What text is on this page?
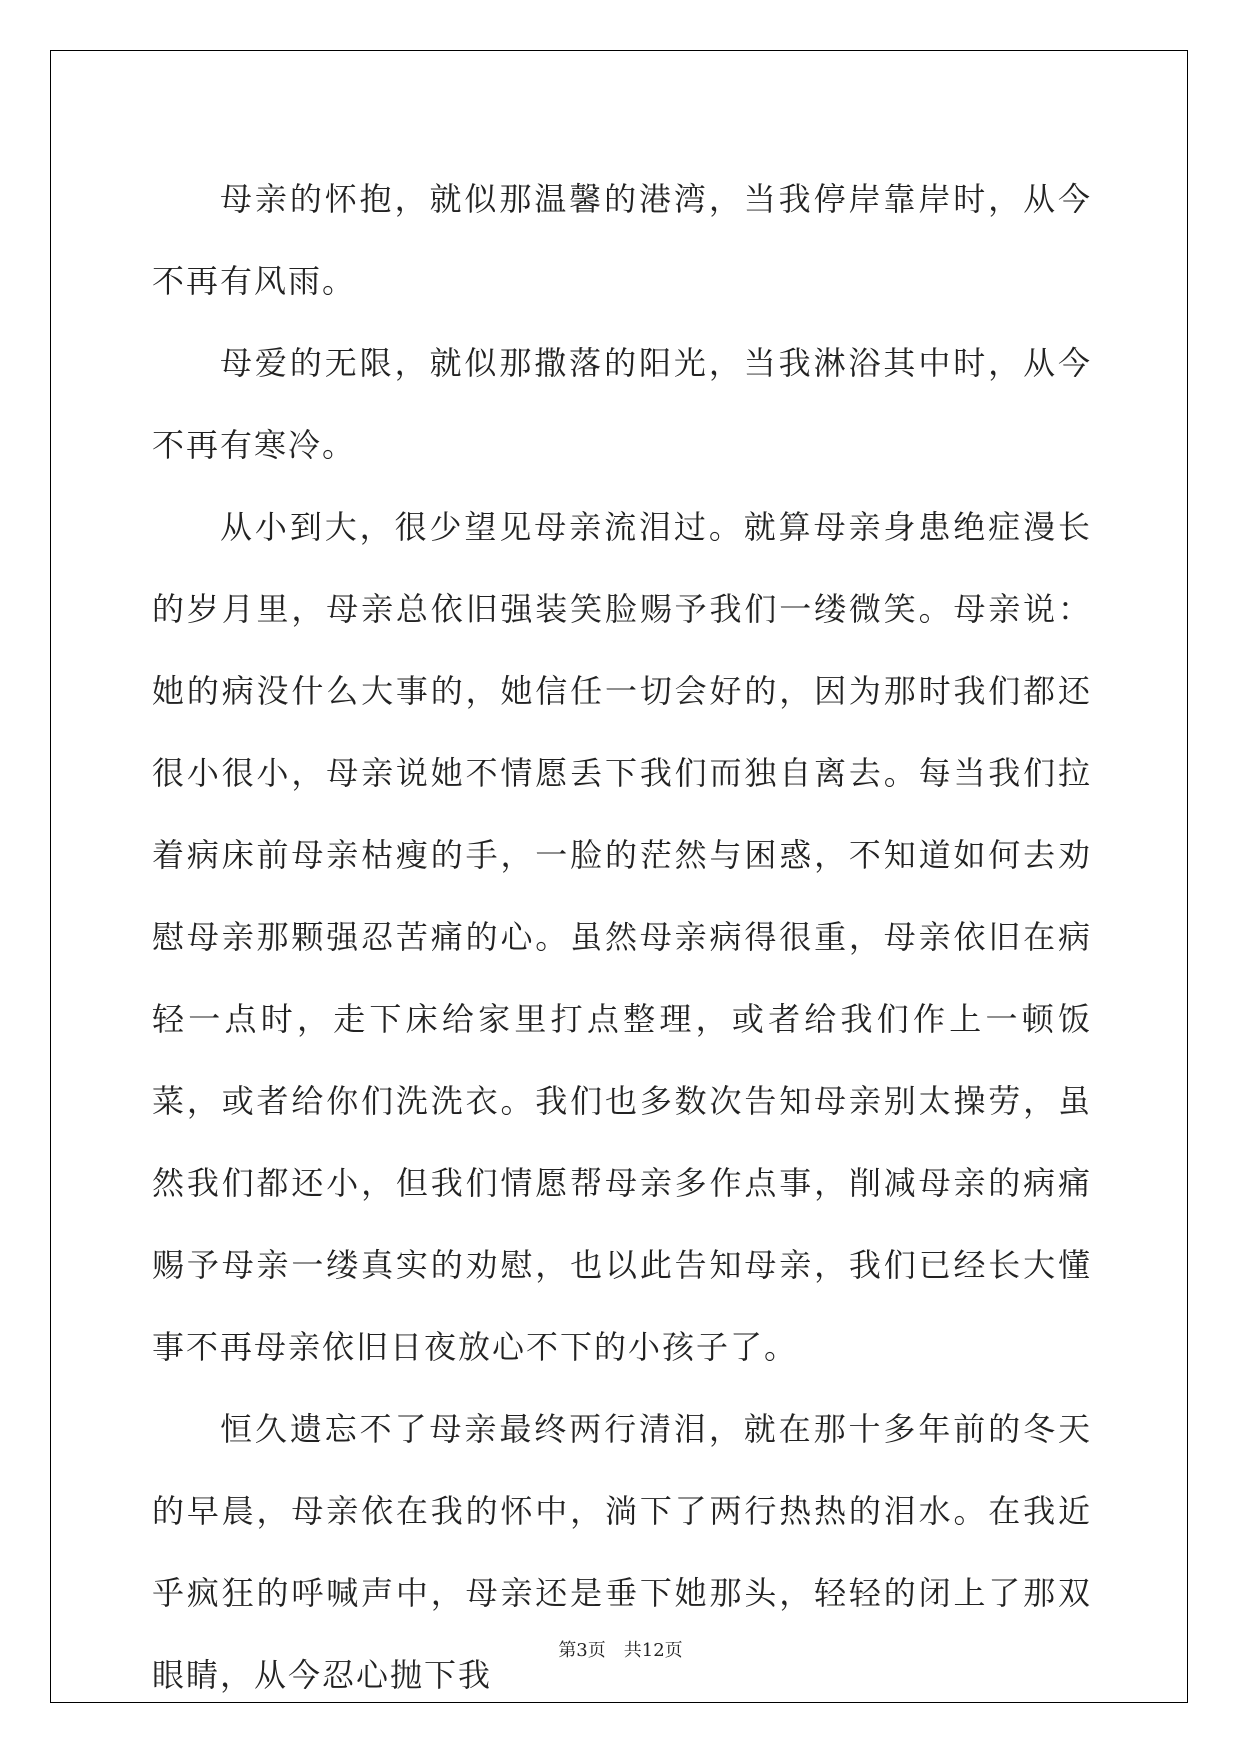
母亲的怀抱，就似那温馨的港湾，当我停岸靠岸时，从今不再有风雨。

母爱的无限，就似那撒落的阳光，当我淋浴其中时，从今不再有寒冷。

从小到大，很少望见母亲流泪过。就算母亲身患绝症漫长的岁月里，母亲总依旧强装笑脸赐予我们一缕微笑。母亲说：她的病没什么大事的，她信任一切会好的，因为那时我们都还很小很小，母亲说她不情愿丢下我们而独自离去。每当我们拉着病床前母亲枯瘦的手，一脸的茫然与困惑，不知道如何去劝慰母亲那颗强忍苦痛的心。虽然母亲病得很重，母亲依旧在病轻一点时，走下床给家里打点整理，或者给我们作上一顿饭菜，或者给你们洗洗衣。我们也多数次告知母亲别太操劳，虽然我们都还小，但我们情愿帮母亲多作点事，削减母亲的病痛赐予母亲一缕真实的劝慰，也以此告知母亲，我们已经长大懂事不再母亲依旧日夜放心不下的小孩子了。

恒久遗忘不了母亲最终两行清泪，就在那十多年前的冬天的早晨，母亲依在我的怀中，淌下了两行热热的泪水。在我近乎疯狂的呼喊声中，母亲还是垂下她那头，轻轻的闭上了那双眼睛，从今忍心抛下我

第3页　共12页
